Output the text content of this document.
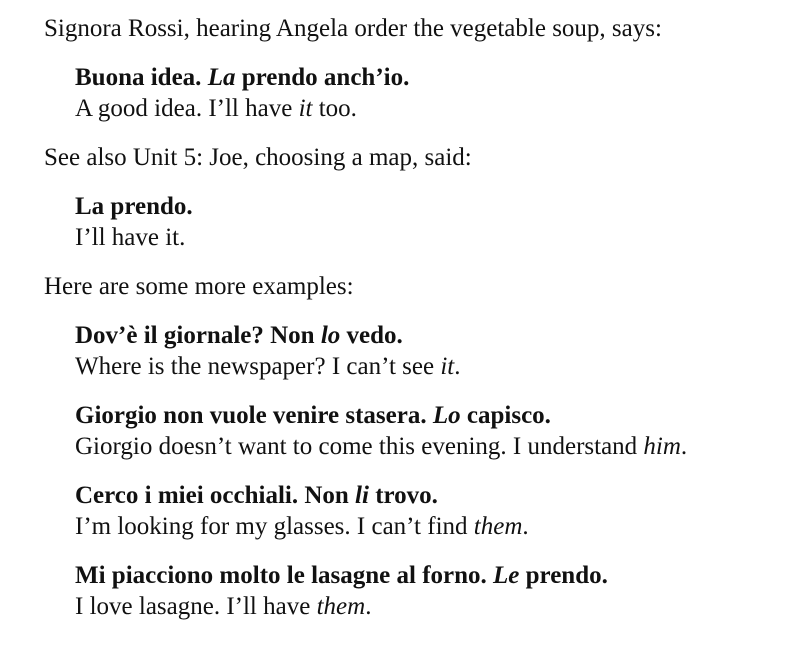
Signora Rossi, hearing Angela order the vegetable soup, says:

Buona idea. La prendo anch’io.

A good idea. I’ll have it too.

See also Unit 5: Joe, choosing a map, said:

La prendo.

I’ll have it.

Here are some more examples:

Dov’è il giornale? Non lo vedo.

Where is the newspaper? I can’t see it.

Giorgio non vuole venire stasera. Lo capisco.

Giorgio doesn’t want to come this evening. I understand him.

Cerco i miei occhiali. Non li trovo.

I’m looking for my glasses. I can’t find them.

Mi piacciono molto le lasagne al forno. Le prendo.

I love lasagne. I’ll have them.
